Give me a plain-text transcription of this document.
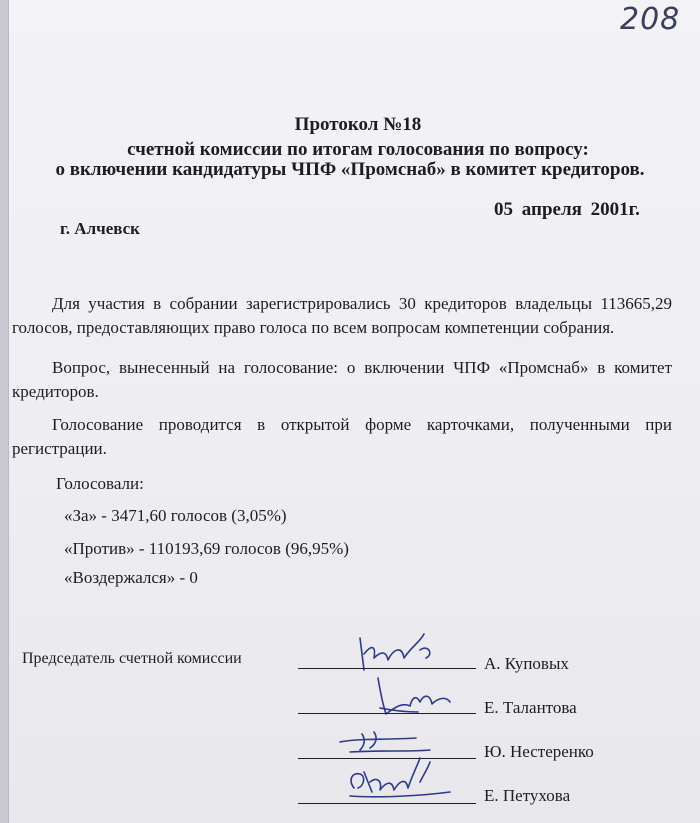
208
Протокол №18
счетной комиссии по итогам голосования по вопросу:
о включении кандидатуры ЧПФ «Промснаб» в комитет кредиторов.
05 апреля 2001г.
г. Алчевск
Для участия в собрании зарегистрировались 30 кредиторов владельцы 113665,29 голосов, предоставляющих право голоса по всем вопросам компетенции собрания.
Вопрос, вынесенный на голосование: о включении ЧПФ «Промснаб» в комитет кредиторов.
Голосование проводится в открытой форме карточками, полученными при регистрации.
Голосовали:
«За» - 3471,60 голосов (3,05%)
«Против» - 110193,69 голосов (96,95%)
«Воздержался» - 0
Председатель счетной комиссии	А. Куповых
Е. Талантова
Ю. Нестеренко
Е. Петухова
